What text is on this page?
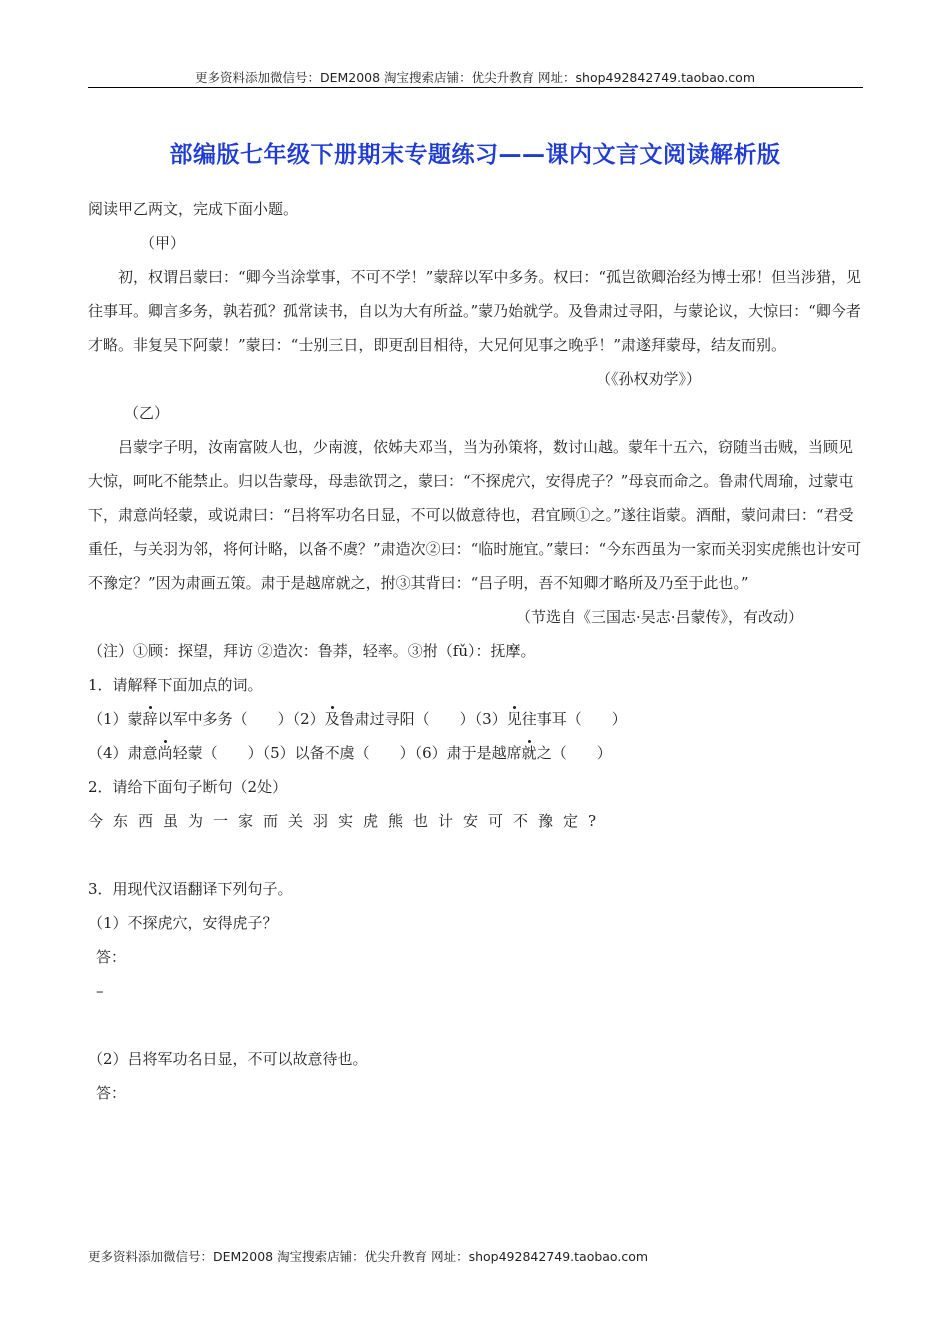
更多资料添加微信号：DEM2008 淘宝搜索店铺：优尖升教育 网址：shop492842749.taobao.com
部编版七年级下册期末专题练习——课内文言文阅读解析版

阅读甲乙两文，完成下面小题。

（甲）

初，权谓吕蒙曰：“卿今当涂掌事，不可不学！”蒙辞以军中多务。权曰：“孤岂欲卿治经为博士邪！但当涉猎，见往事耳。卿言多务，孰若孤？孤常读书，自以为大有所益。”蒙乃始就学。及鲁肃过寻阳，与蒙论议，大惊曰：“卿今者才略。非复吴下阿蒙！”蒙曰：“士别三日，即更刮目相待，大兄何见事之晚乎！”肃遂拜蒙母，结友而别。

（《孙权劝学》）

（乙）

吕蒙字子明，汝南富陂人也，少南渡，依姊夫邓当，当为孙策将，数讨山越。蒙年十五六，窃随当击贼，当顾见大惊，呵叱不能禁止。归以告蒙母，母恚欲罚之，蒙曰：“不探虎穴，安得虎子？”母哀而命之。鲁肃代周瑜，过蒙屯下，肃意尚轻蒙，或说肃曰：“吕将军功名日显，不可以做意待也，君宜顾①之。”遂往诣蒙。酒酣，蒙问肃曰：“君受重任，与关羽为邻，将何计略，以备不虞？”肃造次②曰：“临时施宜。”蒙曰：“今东西虽为一家而关羽实虎熊也计安可不豫定？”因为肃画五策。肃于是越席就之，拊③其背曰：“吕子明，吾不知卿才略所及乃至于此也。”

（节选自《三国志·吴志·吕蒙传》，有改动）

（注）①顾：探望，拜访 ②造次：鲁莽，轻率。③拊（fǔ）：抚摩。

1．请解释下面加点的词。

（1）蒙辞以军中多务（　　）（2）及鲁肃过寻阳（　　）（3）见往事耳（　　）

（4）肃意尚轻蒙（　　）（5）以备不虞（　　）（6）肃于是越席就之（　　）

2．请给下面句子断句（2处）

今东西虽为一家而关羽实虎熊也计安可不豫定?

3．用现代汉语翻译下列句子。

（1）不探虎穴，安得虎子？

答：

–

（2）吕将军功名日显，不可以故意待也。

答：

更多资料添加微信号：DEM2008 淘宝搜索店铺：优尖升教育 网址：shop492842749.taobao.com
